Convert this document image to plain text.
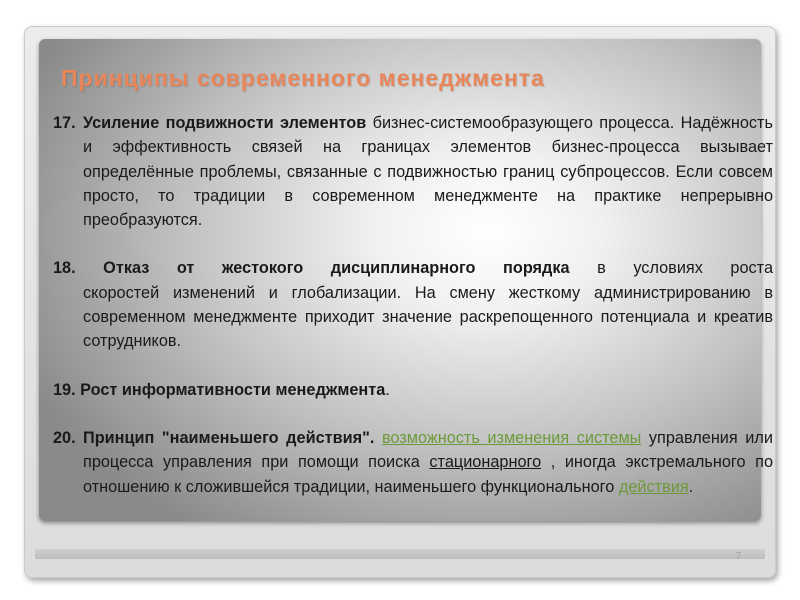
Принципы современного менеджмента
17. Усиление подвижности элементов бизнес-системообразующего процесса. Надёжность и эффективность связей на границах элементов бизнес-процесса вызывает определённые проблемы, связанные с подвижностью границ субпроцессов. Если совсем просто, то традиции в современном менеджменте на практике непрерывно преобразуются.
18. Отказ от жестокого дисциплинарного порядка в условиях роста
скоростей изменений и глобализации. На смену жесткому администрированию в современном менеджменте приходит значение раскрепощенного потенциала и креатив сотрудников.
19. Рост информативности менеджмента.
20. Принцип "наименьшего действия". возможность изменения системы управления или процесса управления при помощи поиска стационарного , иногда экстремального по отношению к сложившейся традиции, наименьшего функционального действия.
7
